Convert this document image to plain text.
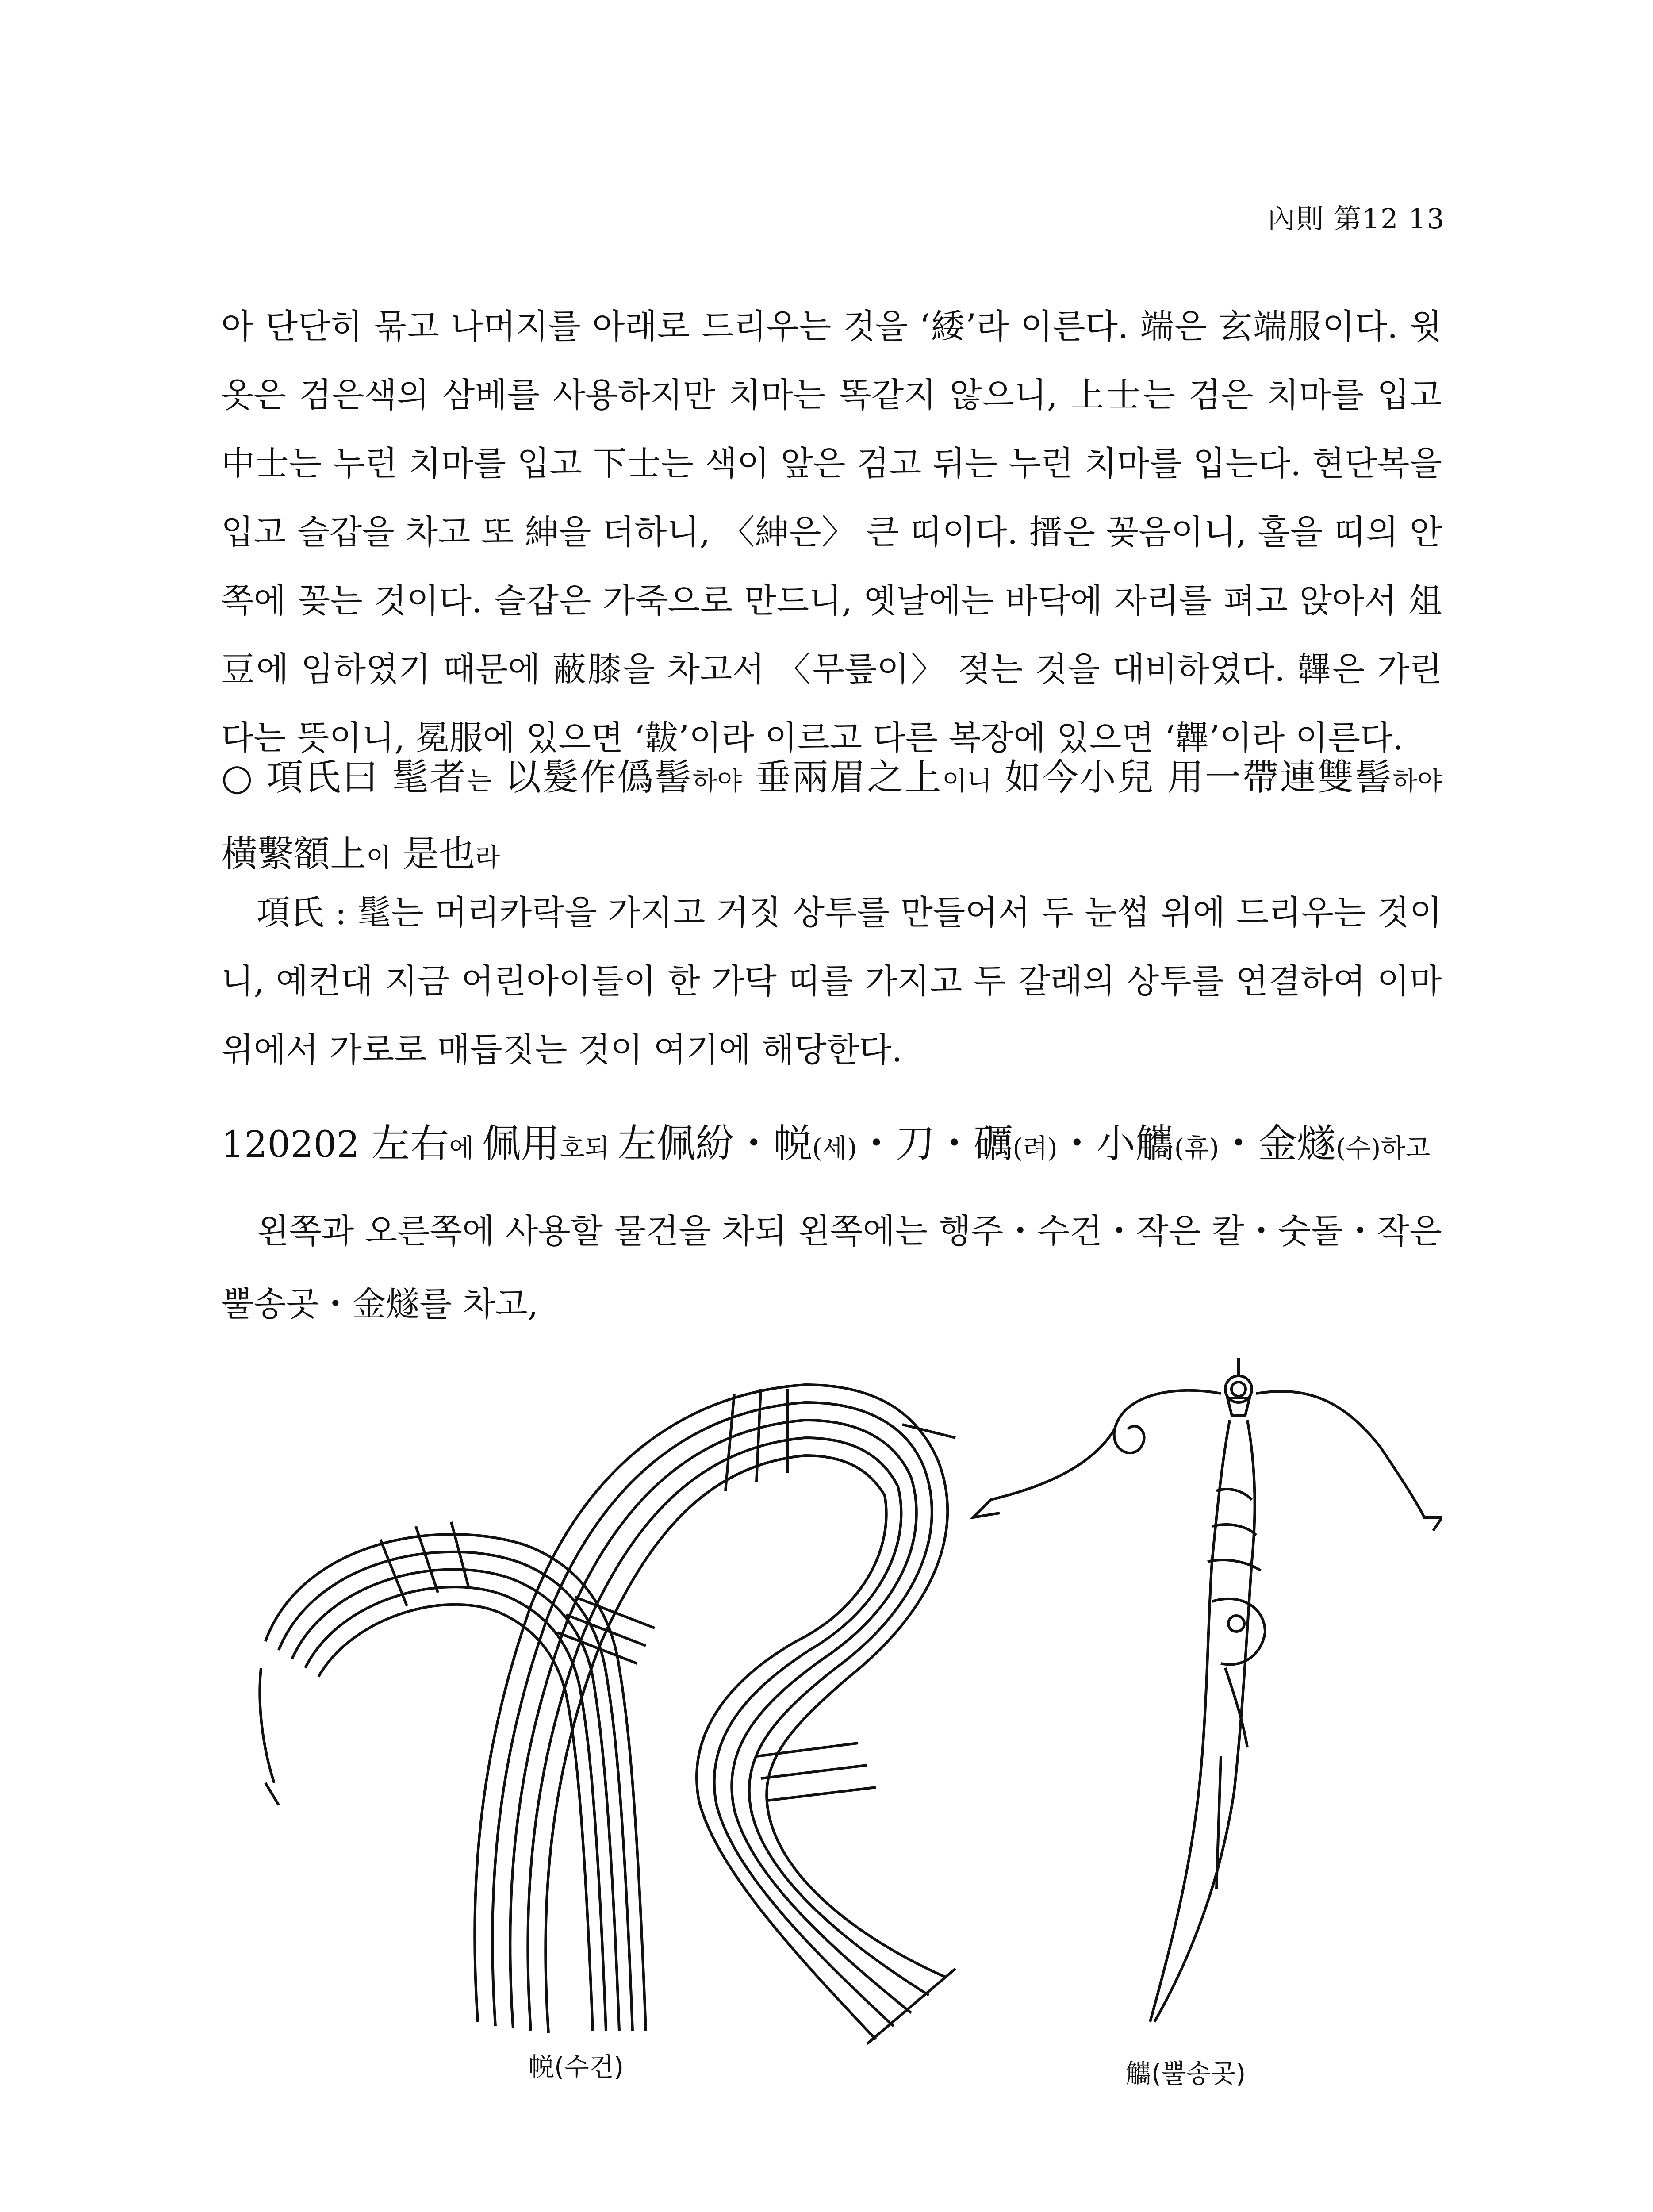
內則 第12 13
아 단단히 묶고 나머지를 아래로 드리우는 것을 ‘緌’라 이른다. 端은 玄端服이다. 윗옷은 검은색의 삼베를 사용하지만 치마는 똑같지 않으니, 上士는 검은 치마를 입고 中士는 누런 치마를 입고 下士는 색이 앞은 검고 뒤는 누런 치마를 입는다. 현단복을 입고 슬갑을 차고 또 紳을 더하니, 〈紳은〉 큰 띠이다. 搢은 꽂음이니, 홀을 띠의 안쪽에 꽂는 것이다. 슬갑은 가죽으로 만드니, 옛날에는 바닥에 자리를 펴고 앉아서 俎豆에 임하였기 때문에 蔽膝을 차고서 〈무릎이〉 젖는 것을 대비하였다. 韠은 가린다는 뜻이니, 冕服에 있으면 ‘韍’이라 이르고 다른 복장에 있으면 ‘韠’이라 이른다.
○ 項氏曰 髦者는 以髮作僞髻하야 垂兩眉之上이니 如今小兒 用一帶連雙髻하야 橫繫額上이 是也라
項氏 : 髦는 머리카락을 가지고 거짓 상투를 만들어서 두 눈썹 위에 드리우는 것이니, 예컨대 지금 어린아이들이 한 가닥 띠를 가지고 두 갈래의 상투를 연결하여 이마 위에서 가로로 매듭짓는 것이 여기에 해당한다.
120202 左右에 佩用호되 左佩紛・帨(세)・刀・礪(려)・小觿(휴)・金燧(수)하고
왼쪽과 오른쪽에 사용할 물건을 차되 왼쪽에는 행주・수건・작은 칼・숫돌・작은 뿔송곳・金燧를 차고,
帨(수건)	觿(뿔송곳)
